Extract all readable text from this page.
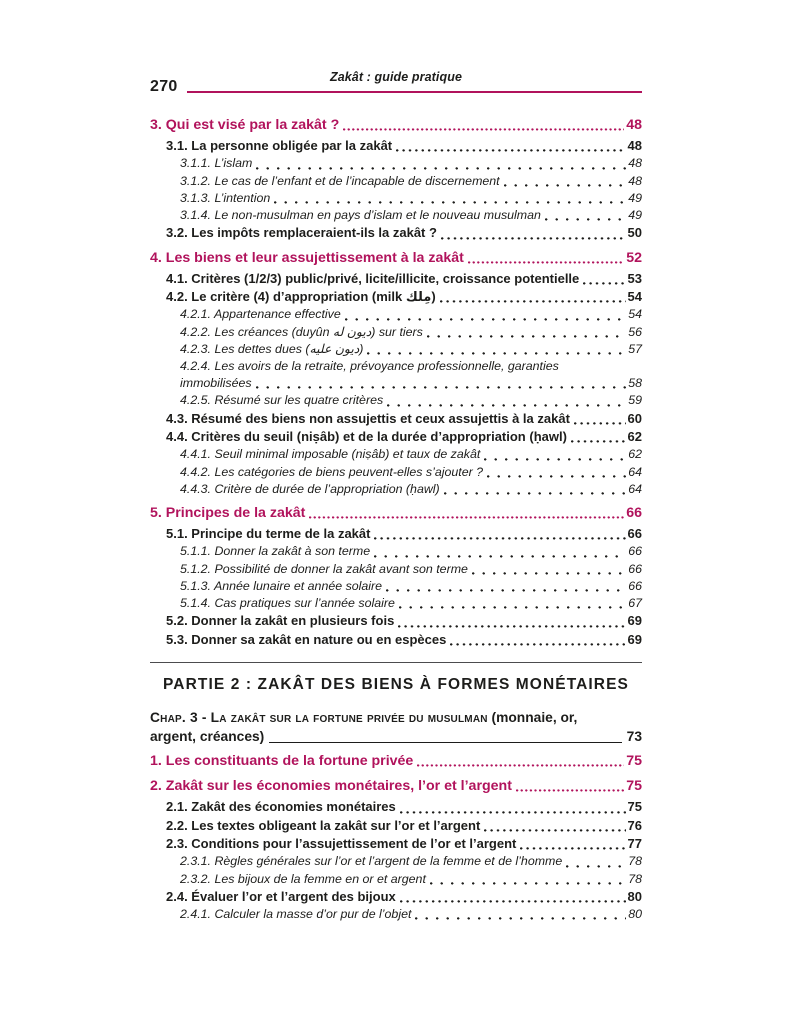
Zakât : guide pratique
270
3. Qui est visé par la zakât ?	48
3.1. La personne obligée par la zakât	48
3.1.1. L’islam	48
3.1.2. Le cas de l’enfant et de l’incapable de discernement	48
3.1.3. L’intention	49
3.1.4. Le non-musulman en pays d’islam et le nouveau musulman	49
3.2. Les impôts remplaceraient-ils la zakât ?	50
4. Les biens et leur assujettissement à la zakât	52
4.1. Critères (1/2/3) public/privé, licite/illicite, croissance potentielle	53
4.2. Le critère (4) d’appropriation (milk مِلك)	54
4.2.1. Appartenance effective	54
4.2.2. Les créances (duyûn ديون له) sur tiers	56
4.2.3. Les dettes dues (ديون عليه)	57
4.2.4. Les avoirs de la retraite, prévoyance professionnelle, garanties
immobilisées	58
4.2.5. Résumé sur les quatre critères	59
4.3. Résumé des biens non assujettis et ceux assujettis à la zakât	60
4.4. Critères du seuil (niṣâb) et de la durée d’appropriation (ḥawl)	62
4.4.1. Seuil minimal imposable (niṣâb) et taux de zakât	62
4.4.2. Les catégories de biens peuvent-elles s’ajouter ?	64
4.4.3. Critère de durée de l’appropriation (ḥawl)	64
5. Principes de la zakât	66
5.1. Principe du terme de la zakât	66
5.1.1. Donner la zakât à son terme	66
5.1.2. Possibilité de donner la zakât avant son terme	66
5.1.3. Année lunaire et année solaire	66
5.1.4. Cas pratiques sur l’année solaire	67
5.2. Donner la zakât en plusieurs fois	69
5.3. Donner sa zakât en nature ou en espèces	69
PARTIE 2 : ZAKÂT DES BIENS À FORMES MONÉTAIRES
Chap. 3 - La zakât sur la fortune privée du musulman (monnaie, or,
argent, créances)	73
1. Les constituants de la fortune privée	75
2. Zakât sur les économies monétaires, l’or et l’argent	75
2.1. Zakât des économies monétaires	75
2.2. Les textes obligeant la zakât sur l’or et l’argent	76
2.3. Conditions pour l’assujettissement de l’or et l’argent	77
2.3.1. Règles générales sur l’or et l’argent de la femme et de l’homme	78
2.3.2. Les bijoux de la femme en or et argent	78
2.4. Évaluer l’or et l’argent des bijoux	80
2.4.1. Calculer la masse d’or pur de l’objet	80
